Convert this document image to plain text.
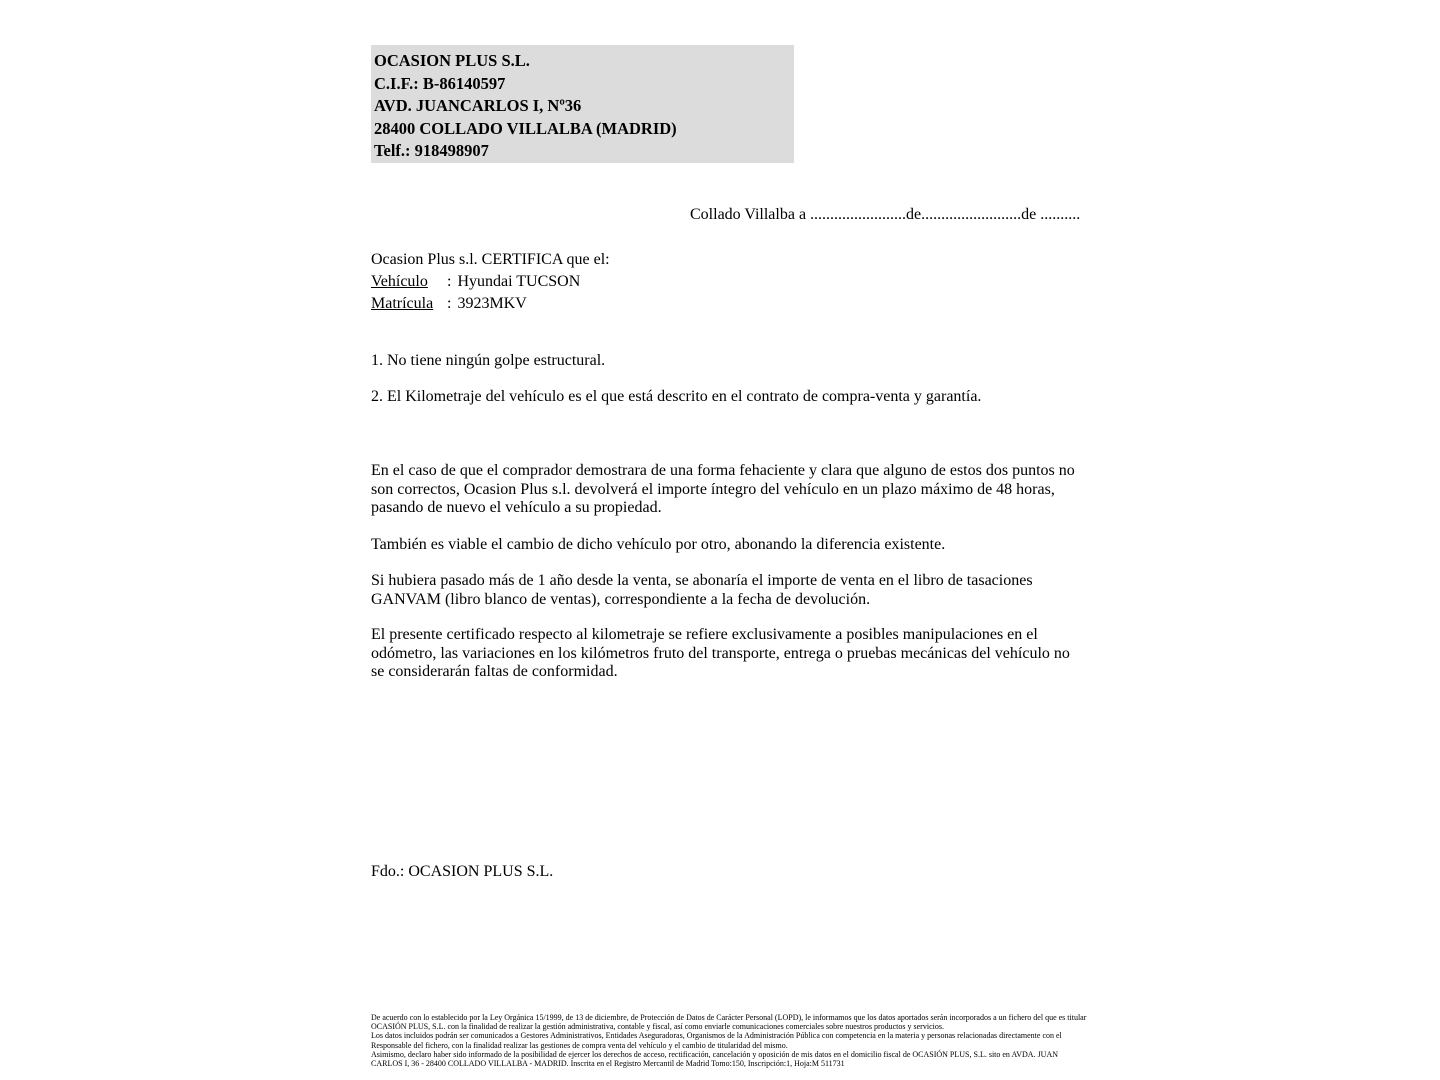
OCASION PLUS S.L.
C.I.F.: B-86140597
AVD. JUANCARLOS I, Nº36
28400 COLLADO VILLALBA (MADRID)
Telf.: 918498907
Collado Villalba a ........................de.........................de ..........
Ocasion Plus s.l. CERTIFICA que el:
Vehículo : Hyundai TUCSON
Matrícula : 3923MKV
1. No tiene ningún golpe estructural.
2. El Kilometraje del vehículo es el que está descrito en el contrato de compra-venta y garantía.
En el caso de que el comprador demostrara de una forma fehaciente y clara que alguno de estos dos puntos no son correctos, Ocasion Plus s.l. devolverá el importe íntegro del vehículo en un plazo máximo de 48 horas, pasando de nuevo el vehículo a su propiedad.
También es viable el cambio de dicho vehículo por otro, abonando la diferencia existente.
Si hubiera pasado más de 1 año desde la venta, se abonaría el importe de venta en el libro de tasaciones GANVAM (libro blanco de ventas), correspondiente a la fecha de devolución.
El presente certificado respecto al kilometraje se refiere exclusivamente a posibles manipulaciones en el odómetro, las variaciones en los kilómetros fruto del transporte, entrega o pruebas mecánicas del vehículo no se considerarán faltas de conformidad.
Fdo.: OCASION PLUS S.L.
De acuerdo con lo establecido por la Ley Orgánica 15/1999, de 13 de diciembre, de Protección de Datos de Carácter Personal (LOPD), le informamos que los datos aportados serán incorporados a un fichero del que es titular
OCASIÓN PLUS, S.L. con la finalidad de realizar la gestión administrativa, contable y fiscal, así como enviarle comunicaciones comerciales sobre nuestros productos y servicios.
Los datos incluidos podrán ser comunicados a Gestores Administrativos, Entidades Aseguradoras, Organismos de la Administración Pública con competencia en la materia y personas relacionadas directamente con el
Responsable del fichero, con la finalidad realizar las gestiones de compra venta del vehículo y el cambio de titularidad del mismo.
Asimismo, declaro haber sido informado de la posibilidad de ejercer los derechos de acceso, rectificación, cancelación y oposición de mis datos en el domicilio fiscal de OCASIÓN PLUS, S.L. sito en AVDA. JUAN
CARLOS I, 36 - 28400 COLLADO VILLALBA - MADRID. Inscrita en el Registro Mercantil de Madrid Tomo:150, Inscripción:1, Hoja:M 511731
